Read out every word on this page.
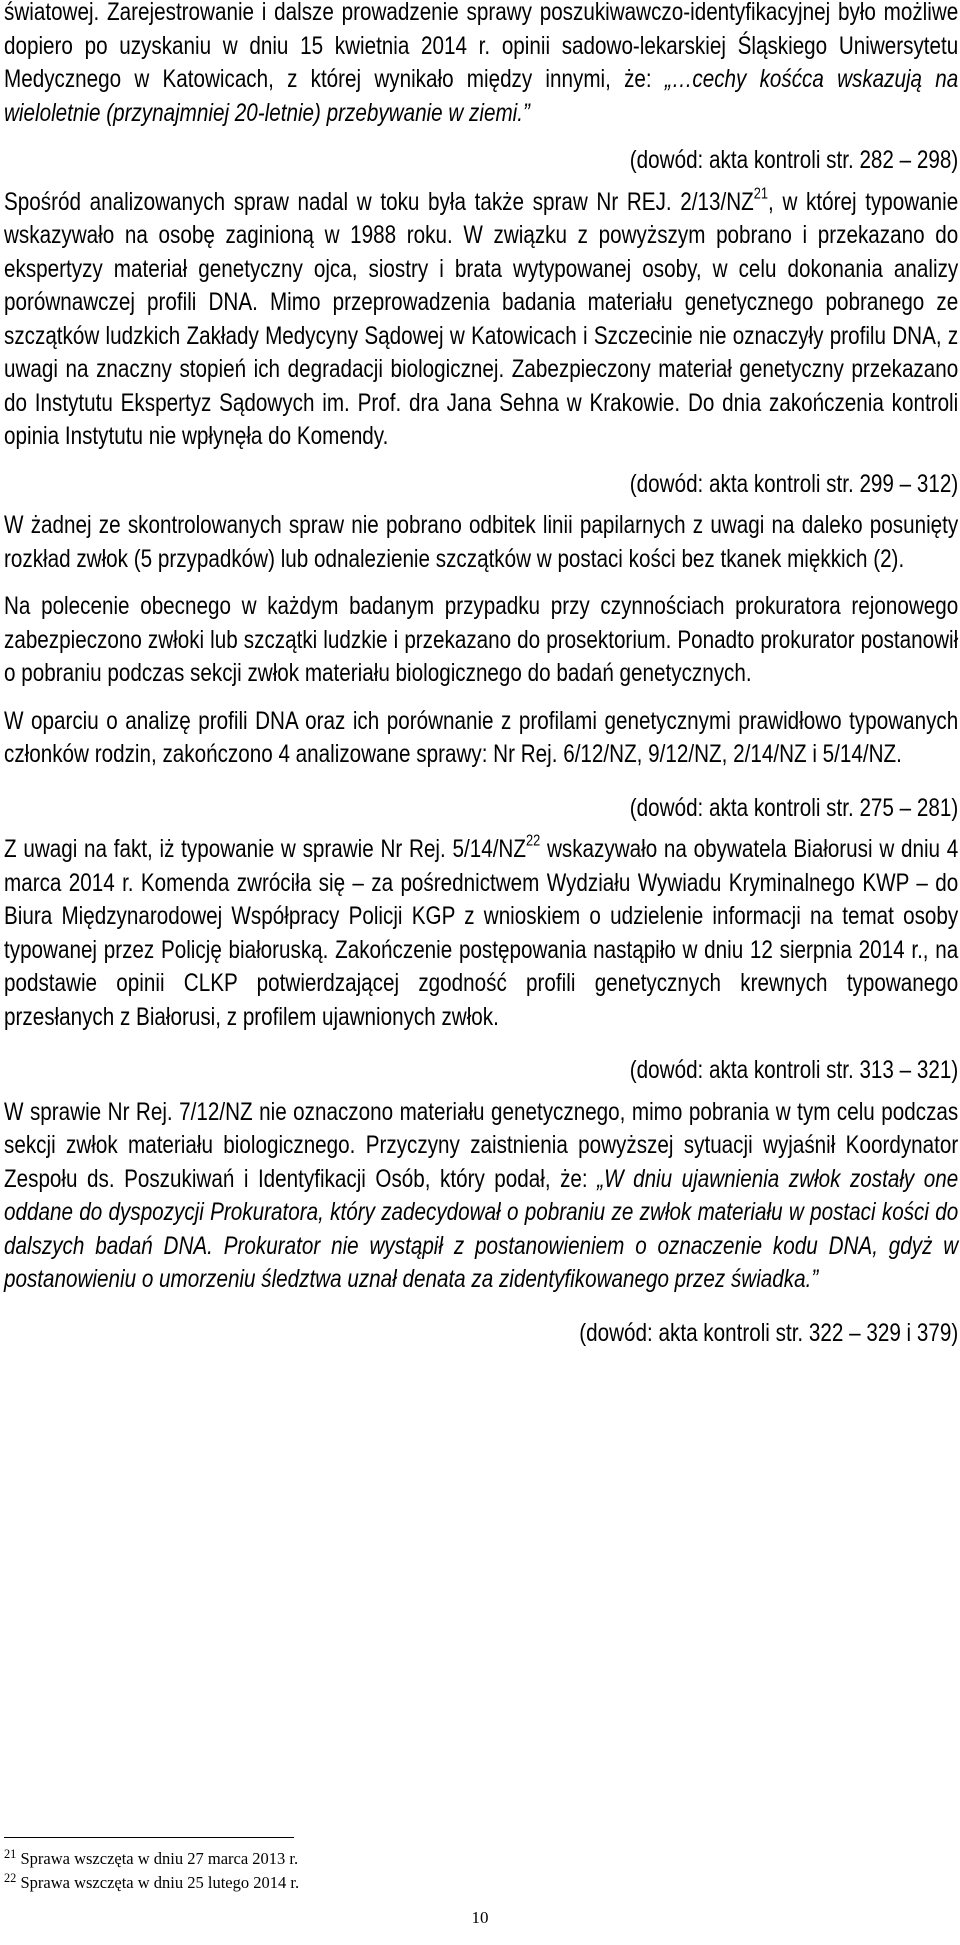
światowej. Zarejestrowanie i dalsze prowadzenie sprawy poszukiwawczo-identyfikacyjnej było możliwe dopiero po uzyskaniu w dniu 15 kwietnia 2014 r. opinii sadowo-lekarskiej Śląskiego Uniwersytetu Medycznego w Katowicach, z której wynikało między innymi, że: „…cechy kośćca wskazują na wieloletnie (przynajmniej 20-letnie) przebywanie w ziemi.”

(dowód: akta kontroli str. 282 – 298)

Spośród analizowanych spraw nadal w toku była także spraw Nr REJ. 2/13/NZ$^{21}$, w której typowanie wskazywało na osobę zaginioną w 1988 roku. W związku z powyższym pobrano i przekazano do ekspertyzy materiał genetyczny ojca, siostry i brata wytypowanej osoby, w celu dokonania analizy porównawczej profili DNA. Mimo przeprowadzenia badania materiału genetycznego pobranego ze szczątków ludzkich Zakłady Medycyny Sądowej w Katowicach i Szczecinie nie oznaczyły profilu DNA, z uwagi na znaczny stopień ich degradacji biologicznej. Zabezpieczony materiał genetyczny przekazano do Instytutu Ekspertyz Sądowych im. Prof. dra Jana Sehna w Krakowie. Do dnia zakończenia kontroli opinia Instytutu nie wpłynęła do Komendy.

(dowód: akta kontroli str. 299 – 312)

W żadnej ze skontrolowanych spraw nie pobrano odbitek linii papilarnych z uwagi na daleko posunięty rozkład zwłok (5 przypadków) lub odnalezienie szczątków w postaci kości bez tkanek miękkich (2).

Na polecenie obecnego w każdym badanym przypadku przy czynnościach prokuratora rejonowego zabezpieczono zwłoki lub szczątki ludzkie i przekazano do prosektorium. Ponadto prokurator postanowił o pobraniu podczas sekcji zwłok materiału biologicznego do badań genetycznych.

W oparciu o analizę profili DNA oraz ich porównanie z profilami genetycznymi prawidłowo typowanych członków rodzin, zakończono 4 analizowane sprawy: Nr Rej. 6/12/NZ, 9/12/NZ, 2/14/NZ i 5/14/NZ.

(dowód: akta kontroli str. 275 – 281)

Z uwagi na fakt, iż typowanie w sprawie Nr Rej. 5/14/NZ$^{22}$ wskazywało na obywatela Białorusi w dniu 4 marca 2014 r. Komenda zwróciła się – za pośrednictwem Wydziału Wywiadu Kryminalnego KWP – do Biura Międzynarodowej Współpracy Policji KGP z wnioskiem o udzielenie informacji na temat osoby typowanej przez Policję białoruską. Zakończenie postępowania nastąpiło w dniu 12 sierpnia 2014 r., na podstawie opinii CLKP potwierdzającej zgodność profili genetycznych krewnych typowanego przesłanych z Białorusi, z profilem ujawnionych zwłok.

(dowód: akta kontroli str. 313 – 321)

W sprawie Nr Rej. 7/12/NZ nie oznaczono materiału genetycznego, mimo pobrania w tym celu podczas sekcji zwłok materiału biologicznego. Przyczyny zaistnienia powyższej sytuacji wyjaśnił Koordynator Zespołu ds. Poszukiwań i Identyfikacji Osób, który podał, że: „W dniu ujawnienia zwłok zostały one oddane do dyspozycji Prokuratora, który zadecydował o pobraniu ze zwłok materiału w postaci kości do dalszych badań DNA. Prokurator nie wystąpił z postanowieniem o oznaczenie kodu DNA, gdyż w postanowieniu o umorzeniu śledztwa uznał denata za zidentyfikowanego przez świadka.”

(dowód: akta kontroli str. 322 – 329 i 379)

$^{21}$ Sprawa wszczęta w dniu 27 marca 2013 r.
$^{22}$ Sprawa wszczęta w dniu 25 lutego 2014 r.
10
